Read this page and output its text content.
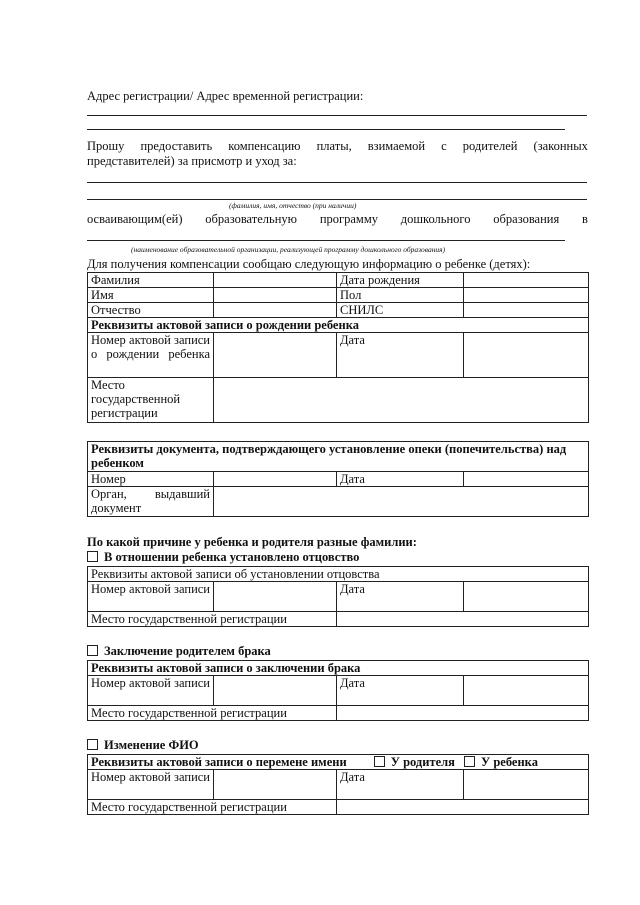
Адрес регистрации/ Адрес временной регистрации:
Прошу предоставить компенсацию платы, взимаемой с родителей (законных
представителей) за присмотр и уход за:
(фамилия, имя, отчество (при наличии)
осваивающим(ей) образовательную программу дошкольного образования в
(наименование образовательной организации, реализующей программу дошкольного образования)
Для получения компенсации сообщаю следующую информацию о ребенке (детях):
Фамилия		Дата рождения	
Имя		Пол	
Отчество		СНИЛС	
Реквизиты актовой записи о рождении ребенка			
Номер актовой записи о рождении ребенка		Дата	
Место государственной регистрации			
Реквизиты документа, подтверждающего установление опеки (попечительства) над ребенком			
Номер		Дата	
Орган, выдавший документ			
По какой причине у ребенка и родителя разные фамилии:
В отношении ребенка установлено отцовство
Реквизиты актовой записи об установлении отцовства			
Номер актовой записи		Дата	
Место государственной регистрации			
Заключение родителем брака
Реквизиты актовой записи о заключении брака			
Номер актовой записи		Дата	
Место государственной регистрации			
Изменение ФИО
Реквизиты актовой записи о перемене имени У родителя У ребенка			
Номер актовой записи		Дата	
Место государственной регистрации			
